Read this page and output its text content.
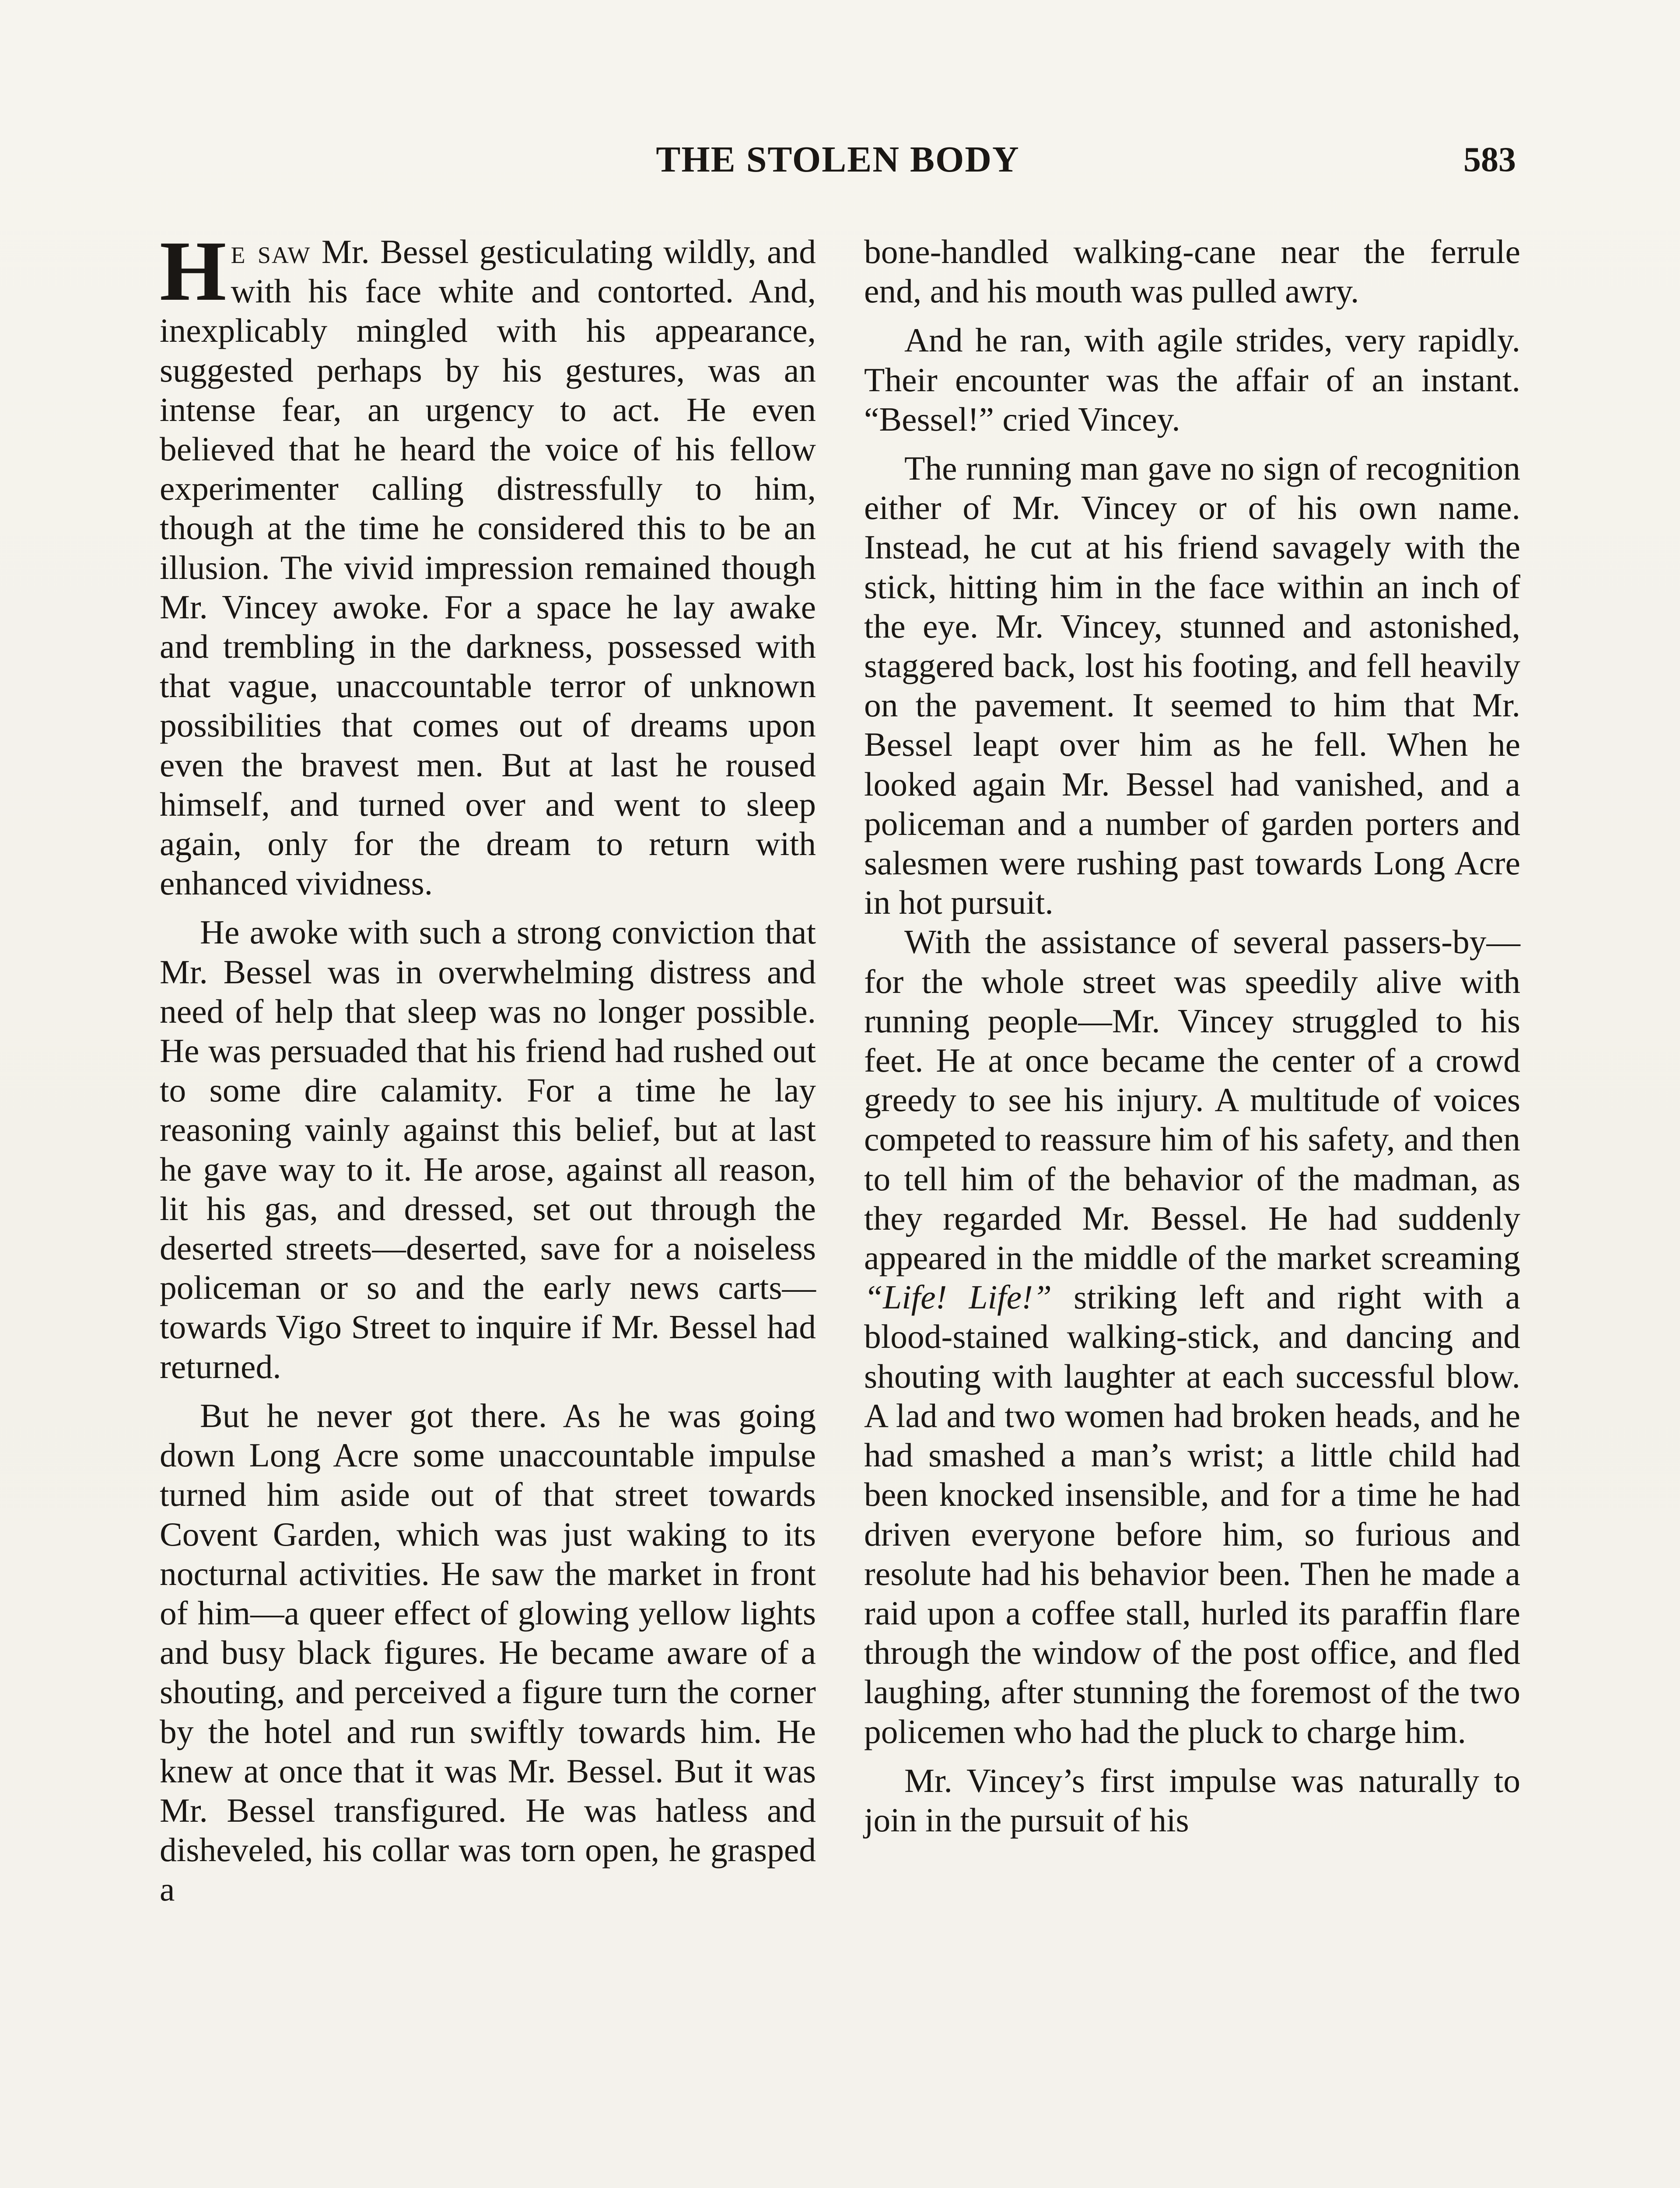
THE STOLEN BODY	583

He saw Mr. Bessel gesticulating wildly, and with his face white and contorted. And, inexplicably mingled with his appearance, suggested perhaps by his gestures, was an intense fear, an urgency to act. He even believed that he heard the voice of his fellow experimenter calling distressfully to him, though at the time he considered this to be an illusion. The vivid impression remained though Mr. Vincey awoke. For a space he lay awake and trembling in the darkness, possessed with that vague, unaccountable terror of unknown possibilities that comes out of dreams upon even the bravest men. But at last he roused himself, and turned over and went to sleep again, only for the dream to return with enhanced vividness.

He awoke with such a strong conviction that Mr. Bessel was in overwhelming distress and need of help that sleep was no longer possible. He was persuaded that his friend had rushed out to some dire calamity. For a time he lay reasoning vainly against this belief, but at last he gave way to it. He arose, against all reason, lit his gas, and dressed, set out through the deserted streets—deserted, save for a noiseless policeman or so and the early news carts—towards Vigo Street to inquire if Mr. Bessel had returned.

But he never got there. As he was going down Long Acre some unaccountable impulse turned him aside out of that street towards Covent Garden, which was just waking to its nocturnal activities. He saw the market in front of him—a queer effect of glowing yellow lights and busy black figures. He became aware of a shouting, and perceived a figure turn the corner by the hotel and run swiftly towards him. He knew at once that it was Mr. Bessel. But it was Mr. Bessel transfigured. He was hatless and disheveled, his collar was torn open, he grasped a

bone-handled walking-cane near the ferrule end, and his mouth was pulled awry.

And he ran, with agile strides, very rapidly. Their encounter was the affair of an instant. “Bessel!” cried Vincey.

The running man gave no sign of recognition either of Mr. Vincey or of his own name. Instead, he cut at his friend savagely with the stick, hitting him in the face within an inch of the eye. Mr. Vincey, stunned and astonished, staggered back, lost his footing, and fell heavily on the pavement. It seemed to him that Mr. Bessel leapt over him as he fell. When he looked again Mr. Bessel had vanished, and a policeman and a number of garden porters and salesmen were rushing past towards Long Acre in hot pursuit.

With the assistance of several passers-by—for the whole street was speedily alive with running people—Mr. Vincey struggled to his feet. He at once became the center of a crowd greedy to see his injury. A multitude of voices competed to reassure him of his safety, and then to tell him of the behavior of the madman, as they regarded Mr. Bessel. He had suddenly appeared in the middle of the market screaming “Life! Life!” striking left and right with a blood-stained walking-stick, and dancing and shouting with laughter at each successful blow. A lad and two women had broken heads, and he had smashed a man’s wrist; a little child had been knocked insensible, and for a time he had driven everyone before him, so furious and resolute had his behavior been. Then he made a raid upon a coffee stall, hurled its paraffin flare through the window of the post office, and fled laughing, after stunning the foremost of the two policemen who had the pluck to charge him.

Mr. Vincey’s first impulse was naturally to join in the pursuit of his
